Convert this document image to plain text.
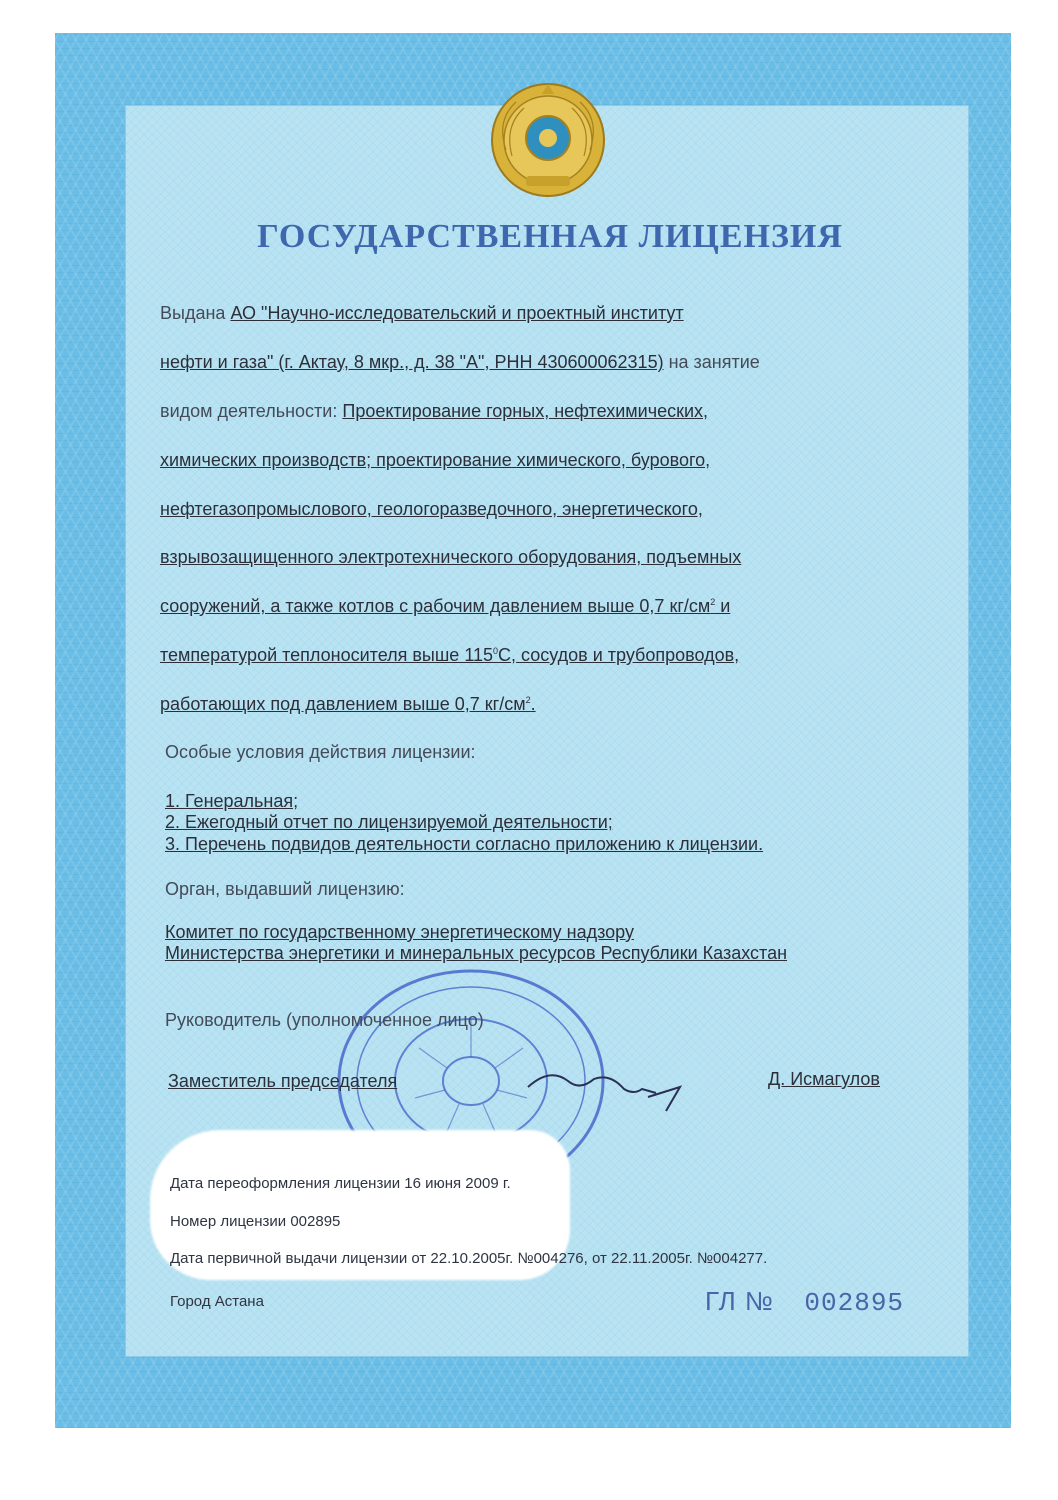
ГОСУДАРСТВЕННАЯ ЛИЦЕНЗИЯ
Выдана АО "Научно-исследовательский и проектный институт
нефти и газа" (г. Актау, 8 мкр., д. 38 "А", РНН 430600062315) на занятие
видом деятельности: Проектирование горных, нефтехимических,
химических производств; проектирование химического, бурового,
нефтегазопромыслового, геологоразведочного, энергетического,
взрывозащищенного электротехнического оборудования, подъемных
сооружений, а также котлов с рабочим давлением выше 0,7 $кг/см^2$ и
температурой теплоносителя выше $115^0С$, сосудов и трубопроводов,
работающих под давлением выше 0,7 $кг/см^2$.
Особые условия действия лицензии:
1. Генеральная;
2. Ежегодный отчет по лицензируемой деятельности;
3. Перечень подвидов деятельности согласно приложению к лицензии.
Орган, выдавший лицензию:
Комитет по государственному энергетическому надзору
Министерства энергетики и минеральных ресурсов Республики Казахстан
Руководитель (уполномоченное лицо)
Заместитель председателя	Д. Исмагулов
Дата переоформления лицензии 16 июня 2009 г.
Номер лицензии 002895
Дата первичной выдачи лицензии от 22.10.2005г. №004276, от 22.11.2005г. №004277.
Город Астана	ГЛ № 002895
